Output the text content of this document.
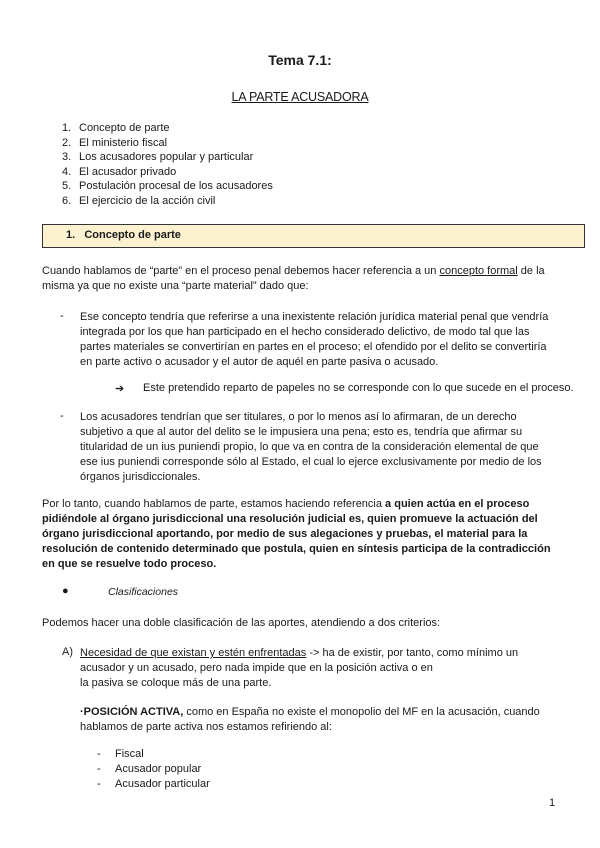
Tema 7.1:
LA PARTE ACUSADORA
1. Concepto de parte
2. El ministerio fiscal
3. Los acusadores popular y particular
4. El acusador privado
5. Postulación procesal de los acusadores
6. El ejercicio de la acción civil
1.   Concepto de parte
Cuando hablamos de “parte” en el proceso penal debemos hacer referencia a un concepto formal de la misma ya que no existe una “parte material” dado que:
- Ese concepto tendría que referirse a una inexistente relación jurídica material penal que vendría integrada por los que han participado en el hecho considerado delictivo, de modo tal que las partes materiales se convertirían en partes en el proceso; el ofendido por el delito se convertiría en parte activo o acusador y el autor de aquél en parte pasiva o acusado.
➔ Este pretendido reparto de papeles no se corresponde con lo que sucede en el proceso.
- Los acusadores tendrían que ser titulares, o por lo menos así lo afirmaran, de un derecho subjetivo a que al autor del delito se le impusiera una pena; esto es, tendría que afirmar su titularidad de un ius puniendi propio, lo que va en contra de la consideración elemental de que ese ius puniendi corresponde sólo al Estado, el cual lo ejerce exclusivamente por medio de los órganos jurisdiccionales.
Por lo tanto, cuando hablamos de parte, estamos haciendo referencia a quien actúa en el proceso pidiéndole al órgano jurisdiccional una resolución judicial es, quien promueve la actuación del órgano jurisdiccional aportando, por medio de sus alegaciones y pruebas, el material para la resolución de contenido determinado que postula, quien en síntesis participa de la contradicción en que se resuelve todo proceso.
●	Clasificaciones
Podemos hacer una doble clasificación de las aportes, atendiendo a dos criterios:
A) Necesidad de que existan y estén enfrentadas -> ha de existir, por tanto, como mínimo un
acusador y un acusado, pero nada impide que en la posición activa o en
la pasiva se coloque más de una parte.
·POSICIÓN ACTIVA, como en España no existe el monopolio del MF en la acusación, cuando
hablamos de parte activa nos estamos refiriendo al:
- Fiscal
- Acusador popular
- Acusador particular
1
